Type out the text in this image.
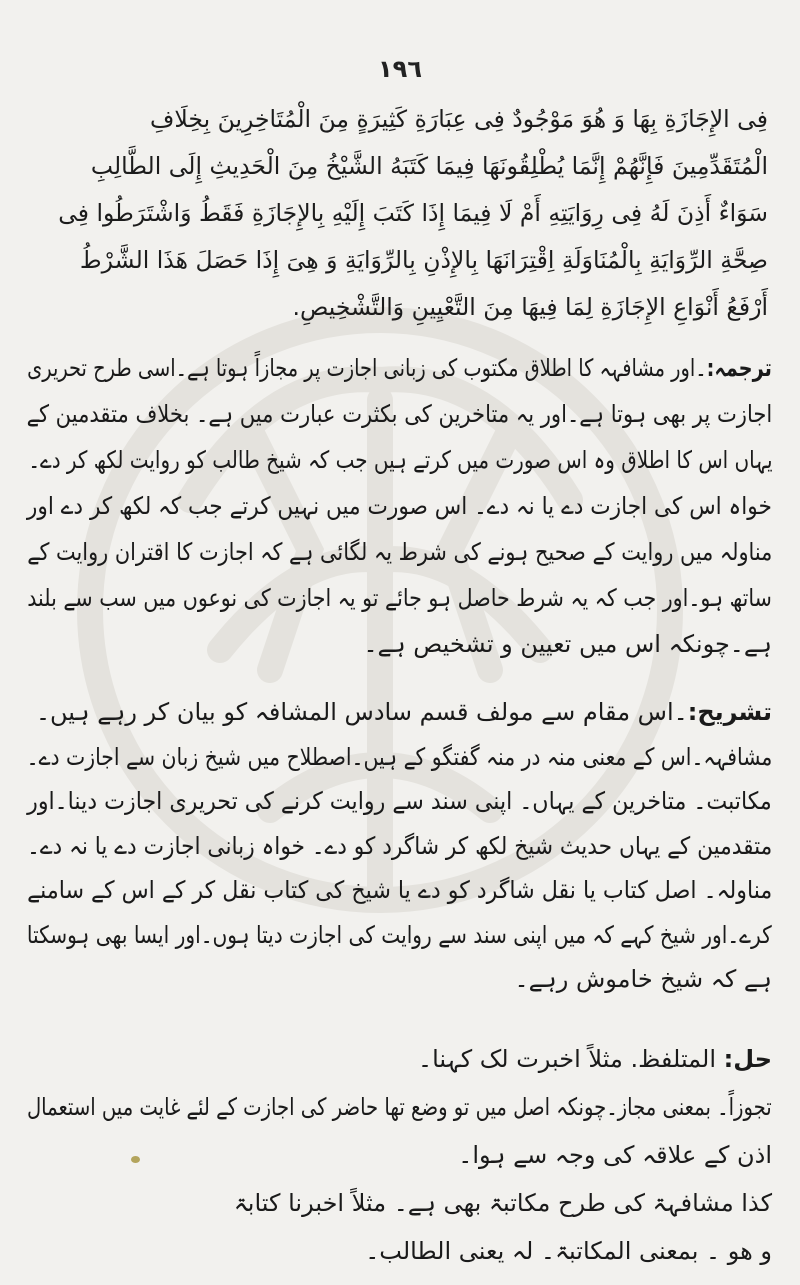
١٩٦
فِى الإِجَازَةِ بِهَا وَ هُوَ مَوْجُودٌ فِى عِبَارَةِ كَثِيرَةٍ مِنَ الْمُتَاخِرِينَ بِخِلَافِ
الْمُتَقَدِّمِينَ فَإِنَّهُمْ إِنَّمَا يُطْلِقُونَهَا فِيمَا كَتَبَهُ الشَّيْخُ مِنَ الْحَدِيثِ إِلَى الطَّالِبِ
سَوَاءٌ أَذِنَ لَهُ فِى رِوَايَتِهِ أَمْ لَا فِيمَا إِذَا كَتَبَ إِلَيْهِ بِالإِجَازَةِ فَقَطُ وَاشْتَرَطُوا فِى
صِحَّةِ الرِّوَايَةِ بِالْمُنَاوَلَةِ اِقْتِرَانَهَا بِالإِذْنِ بِالرِّوَايَةِ وَ هِىَ إِذَا حَصَلَ هَذَا الشَّرْطُ
أَرْفَعُ أَنْوَاعِ الإِجَازَةِ لِمَا فِيهَا مِنَ التَّعْيِينِ وَالتَّشْخِيصِ.
ترجمہ:۔اور مشافہہ کا اطلاق مکتوب کی زبانی اجازت پر مجازاً ہوتا ہے۔اسی طرح تحریری
اجازت پر بھی ہوتا ہے۔اور یہ متاخرین کی بکثرت عبارت میں ہے۔ بخلاف متقدمین کے
یہاں اس کا اطلاق وہ اس صورت میں کرتے ہیں جب کہ شیخ طالب کو روایت لکھ کر دے۔
خواہ اس کی اجازت دے یا نہ دے۔ اس صورت میں نہیں کرتے جب کہ لکھ کر دے اور
مناولہ میں روایت کے صحیح ہونے کی شرط یہ لگائی ہے کہ اجازت کا اقتران روایت کے
ساتھ ہو۔اور جب کہ یہ شرط حاصل ہو جائے تو یہ اجازت کی نوعوں میں سب سے بلند
ہے۔چونکہ اس میں تعیین و تشخیص ہے۔
تشریح:۔اس مقام سے مولف قسم سادس المشافہ کو بیان کر رہے ہیں۔
مشافہہ۔اس کے معنی منہ در منہ گفتگو کے ہیں۔اصطلاح میں شیخ زبان سے اجازت دے۔
مکاتبت۔ متاخرین کے یہاں۔ اپنی سند سے روایت کرنے کی تحریری اجازت دینا۔اور
متقدمین کے یہاں حدیث شیخ لکھ کر شاگرد کو دے۔ خواہ زبانی اجازت دے یا نہ دے۔
مناولہ۔ اصل کتاب یا نقل شاگرد کو دے یا شیخ کی کتاب نقل کر کے اس کے سامنے
کرے۔اور شیخ کہے کہ میں اپنی سند سے روایت کی اجازت دیتا ہوں۔اور ایسا بھی ہوسکتا
ہے کہ شیخ خاموش رہے۔
حل: المتلفظ. مثلاً اخبرت لک کہنا۔
تجوزاً۔ بمعنی مجاز۔چونکہ اصل میں تو وضع تھا حاضر کی اجازت کے لئے غایت میں استعمال
اذن کے علاقہ کی وجہ سے ہوا۔
کذا مشافہۃ کی طرح مکاتبۃ بھی ہے۔ مثلاً اخبرنا کتابۃ
و ھو ۔ بمعنی المکاتبۃ۔ لہ یعنی الطالب۔
